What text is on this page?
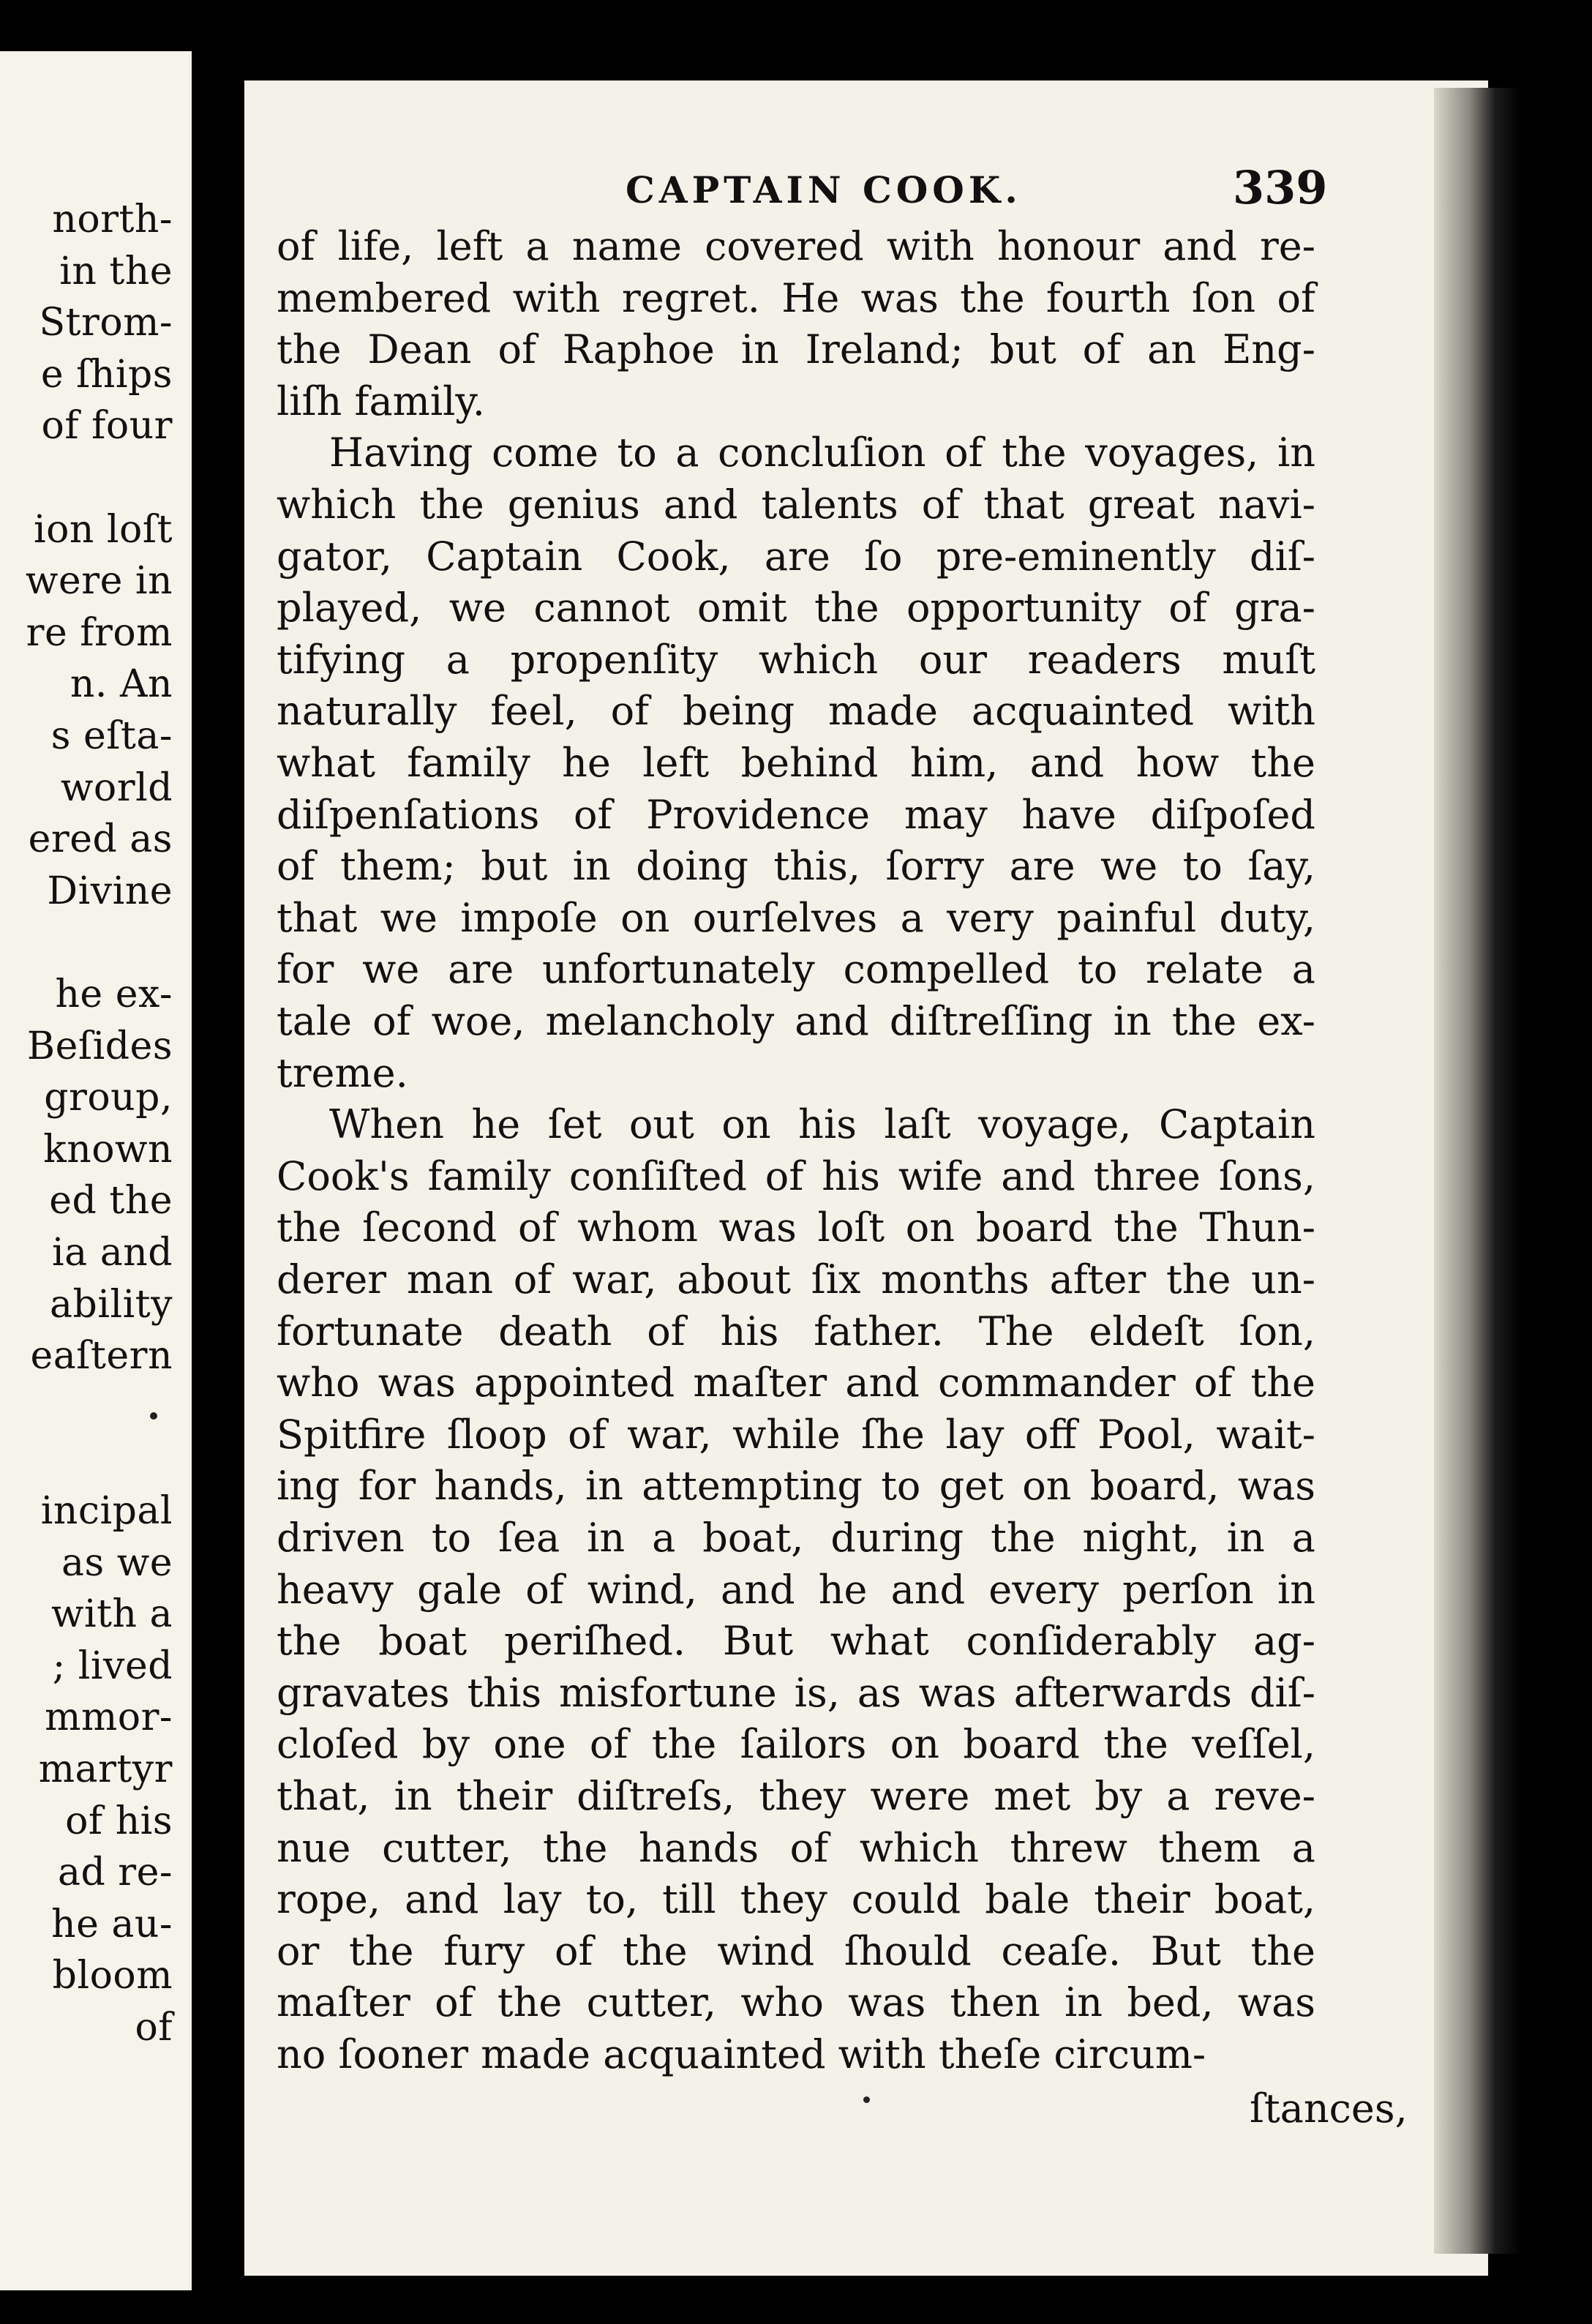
north-
in the
Strom-
e ſhips
of four
ion loſt
were in
re from
n. An
s eſta-
world
ered as
Divine
he ex-
Beſides
group,
known
ed the
ia and
ability
eaſtern
incipal
as we
with a
; lived
mmor-
martyr
of his
ad re-
he au-
bloom
of
CAPTAIN COOK.	339
of life, left a name covered with honour and re-
membered with regret. He was the fourth ſon of
the Dean of Raphoe in Ireland; but of an Eng-
liſh family.
Having come to a concluſion of the voyages, in
which the genius and talents of that great navi-
gator, Captain Cook, are ſo pre-eminently diſ-
played, we cannot omit the opportunity of gra-
tifying a propenſity which our readers muſt
naturally feel, of being made acquainted with
what family he left behind him, and how the
diſpenſations of Providence may have diſpoſed
of them; but in doing this, ſorry are we to ſay,
that we impoſe on ourſelves a very painful duty,
for we are unfortunately compelled to relate a
tale of woe, melancholy and diſtreſſing in the ex-
treme.
When he ſet out on his laſt voyage, Captain
Cook's family conſiſted of his wife and three ſons,
the ſecond of whom was loſt on board the Thun-
derer man of war, about ſix months after the un-
fortunate death of his father. The eldeſt ſon,
who was appointed maſter and commander of the
Spitfire ſloop of war, while ſhe lay off Pool, wait-
ing for hands, in attempting to get on board, was
driven to ſea in a boat, during the night, in a
heavy gale of wind, and he and every perſon in
the boat periſhed. But what conſiderably ag-
gravates this misfortune is, as was afterwards diſ-
cloſed by one of the ſailors on board the veſſel,
that, in their diſtreſs, they were met by a reve-
nue cutter, the hands of which threw them a
rope, and lay to, till they could bale their boat,
or the fury of the wind ſhould ceaſe. But the
maſter of the cutter, who was then in bed, was
no ſooner made acquainted with theſe circum-
ſtances,
